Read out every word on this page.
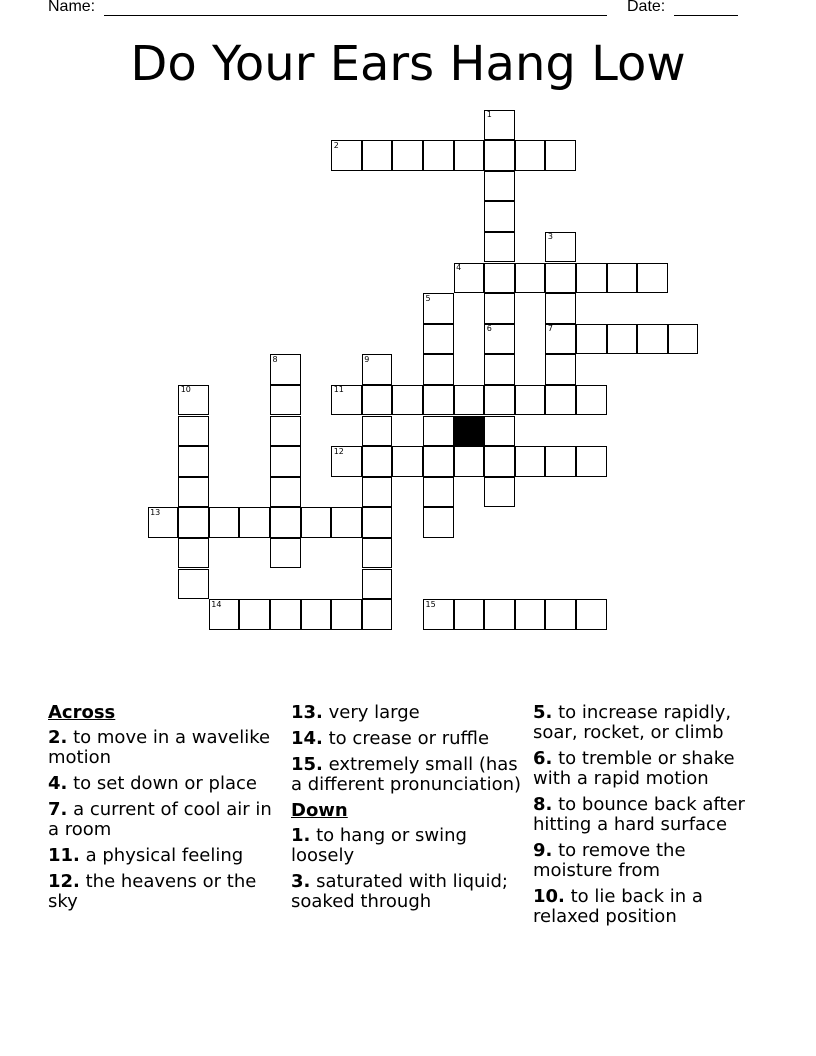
Name:	Date:
Do Your Ears Hang Low
1
2
3
4
5
6	7
8	9
10	11
12
13
14	15
Across
2. to move in a wavelike motion
4. to set down or place
7. a current of cool air in a room
11. a physical feeling
12. the heavens or the sky
13. very large
14. to crease or ruffle
15. extremely small (has a different pronunciation)
Down
1. to hang or swing loosely
3. saturated with liquid; soaked through
5. to increase rapidly, soar, rocket, or climb
6. to tremble or shake with a rapid motion
8. to bounce back after hitting a hard surface
9. to remove the moisture from
10. to lie back in a relaxed position
